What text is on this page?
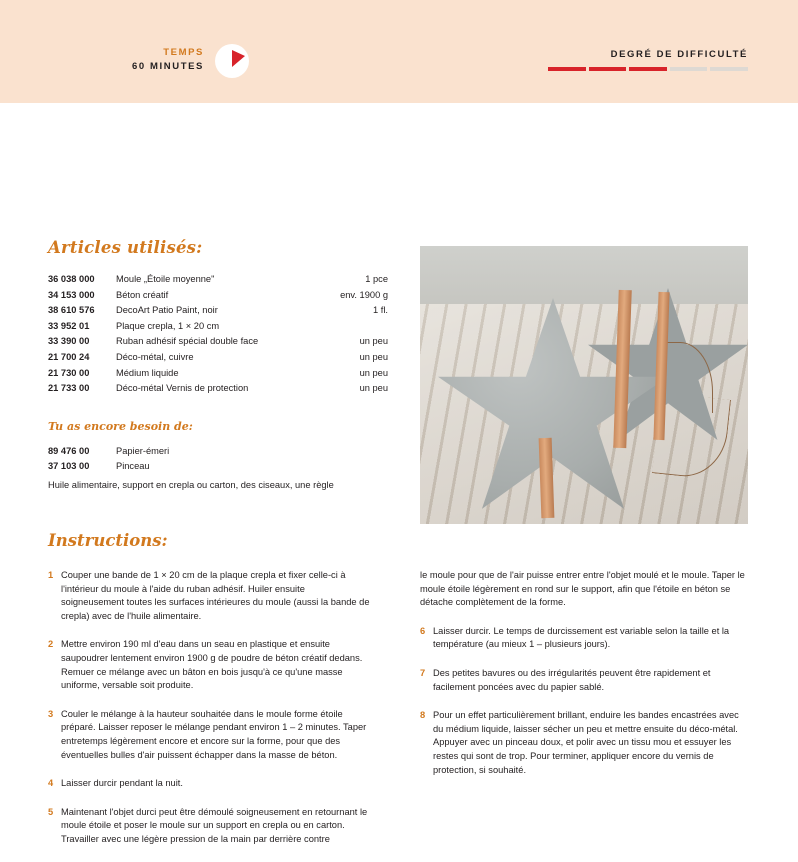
TEMPS
60 MINUTES
DEGRÉ DE DIFFICULTÉ
Articles utilisés:
36 038 000	Moule „Étoile moyenne"	1 pce
34 153 000	Béton créatif	env. 1900 g
38 610 576	DecoArt Patio Paint, noir	1 fl.
33 952 01	Plaque crepla, 1 × 20 cm	
33 390 00	Ruban adhésif spécial double face	un peu
21 700 24	Déco-métal, cuivre	un peu
21 730 00	Médium liquide	un peu
21 733 00	Déco-métal Vernis de protection	un peu
Tu as encore besoin de:
89 476 00	Papier-émeri	
37 103 00	Pinceau	
Huile alimentaire, support en crepla ou carton, des ciseaux, une règle
Instructions:
1 Couper une bande de 1 × 20 cm de la plaque crepla et fixer celle-ci à l'intérieur du moule à l'aide du ruban adhésif. Huiler ensuite soigneusement toutes les surfaces intérieures du moule (aussi la bande de crepla) avec de l'huile alimentaire.
2 Mettre environ 190 ml d'eau dans un seau en plastique et ensuite saupoudrer lentement environ 1900 g de poudre de béton créatif dedans. Remuer ce mélange avec un bâton en bois jusqu'à ce qu'une masse uniforme, versable soit produite.
3 Couler le mélange à la hauteur souhaitée dans le moule forme étoile préparé. Laisser reposer le mélange pendant environ 1 – 2 minutes. Taper entretemps légèrement encore et encore sur la forme, pour que des éventuelles bulles d'air puissent échapper dans la masse de béton.
4 Laisser durcir pendant la nuit.
5 Maintenant l'objet durci peut être démoulé soigneusement en retournant le moule étoile et poser le moule sur un support en crepla ou en carton. Travailler avec une légère pression de la main par derrière contre
le moule pour que de l'air puisse entrer entre l'objet moulé et le moule. Taper le moule étoile légèrement en rond sur le support, afin que l'étoile en béton se détache complètement de la forme.
6 Laisser durcir. Le temps de durcissement est variable selon la taille et la température (au mieux 1 – plusieurs jours).
7 Des petites bavures ou des irrégularités peuvent être rapidement et facilement poncées avec du papier sablé.
8 Pour un effet particulièrement brillant, enduire les bandes encastrées avec du médium liquide, laisser sécher un peu et mettre ensuite du déco-métal. Appuyer avec un pinceau doux, et polir avec un tissu mou et essuyer les restes qui sont de trop. Pour terminer, appliquer encore du vernis de protection, si souhaité.
